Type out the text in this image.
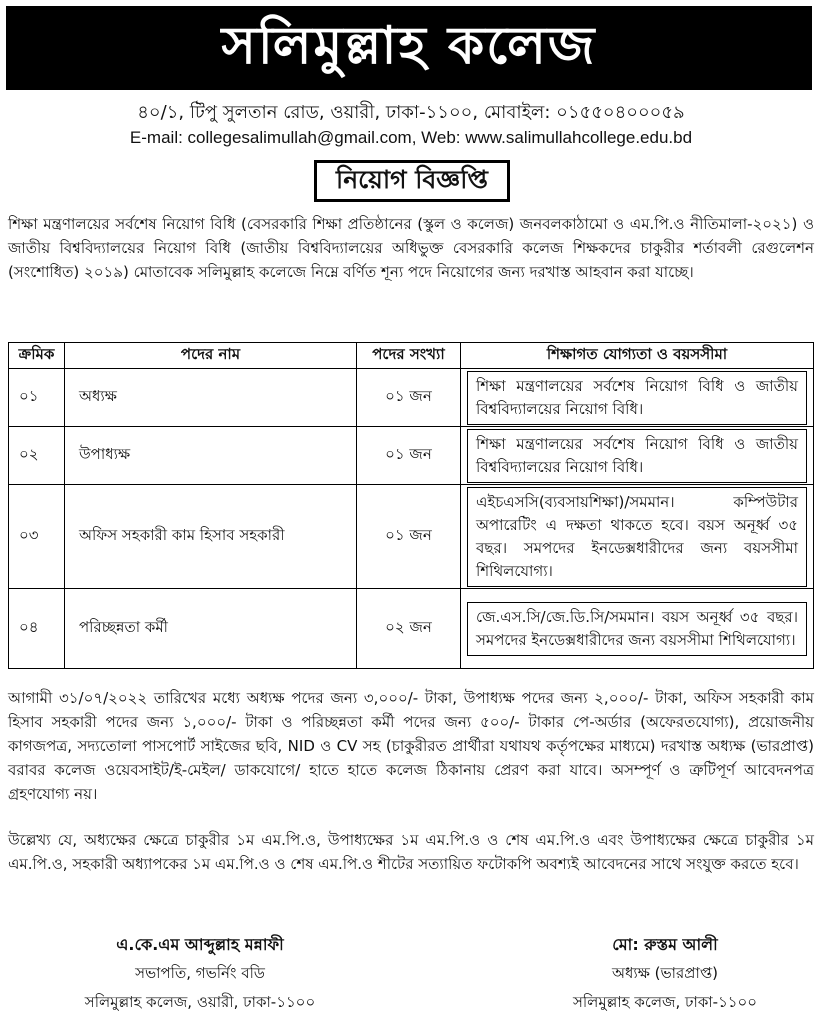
সলিমুল্লাহ কলেজ
৪০/১, টিপু সুলতান রোড, ওয়ারী, ঢাকা-১১০০, মোবাইল: ০১৫৫০৪০০০৫৯
E-mail: collegesalimullah@gmail.com, Web: www.salimullahcollege.edu.bd
নিয়োগ বিজ্ঞপ্তি
শিক্ষা মন্ত্রণালয়ের সর্বশেষ নিয়োগ বিধি (বেসরকারি শিক্ষা প্রতিষ্ঠানের (স্কুল ও কলেজ) জনবলকাঠামো ও এম.পি.ও নীতিমালা-২০২১) ও জাতীয় বিশ্ববিদ্যালয়ের নিয়োগ বিধি (জাতীয় বিশ্ববিদ্যালয়ের অধিভুক্ত বেসরকারি কলেজ শিক্ষকদের চাকুরীর শর্তাবলী রেগুলেশন (সংশোধিত) ২০১৯) মোতাবেক সলিমুল্লাহ কলেজে নিম্নে বর্ণিত শূন্য পদে নিয়োগের জন্য দরখাস্ত আহবান করা যাচ্ছে।
ক্রমিক	পদের নাম	পদের সংখ্যা	শিক্ষাগত যোগ্যতা ও বয়সসীমা
০১	অধ্যক্ষ	০১ জন	শিক্ষা মন্ত্রণালয়ের সর্বশেষ নিয়োগ বিধি ও জাতীয় বিশ্ববিদ্যালয়ের নিয়োগ বিধি।

০২	উপাধ্যক্ষ	০১ জন	শিক্ষা মন্ত্রণালয়ের সর্বশেষ নিয়োগ বিধি ও জাতীয় বিশ্ববিদ্যালয়ের নিয়োগ বিধি।

০৩	অফিস সহকারী কাম হিসাব সহকারী	০১ জন	এইচএসসি(ব্যবসায়শিক্ষা)/সমমান। কম্পিউটার অপারেটিং এ দক্ষতা থাকতে হবে। বয়স অনূর্ধ্ব ৩৫ বছর। সমপদের ইনডেক্সধারীদের জন্য বয়সসীমা শিথিলযোগ্য।

০৪	পরিচ্ছন্নতা কর্মী	০২ জন	জে.এস.সি/জে.ডি.সি/সমমান। বয়স অনূর্ধ্ব ৩৫ বছর। সমপদের ইনডেক্সধারীদের জন্য বয়সসীমা শিথিলযোগ্য।
আগামী ৩১/০৭/২০২২ তারিখের মধ্যে অধ্যক্ষ পদের জন্য ৩,০০০/- টাকা, উপাধ্যক্ষ পদের জন্য ২,০০০/- টাকা, অফিস সহকারী কাম হিসাব সহকারী পদের জন্য ১,০০০/- টাকা ও পরিচ্ছন্নতা কর্মী পদের জন্য ৫০০/- টাকার পে-অর্ডার (অফেরতযোগ্য), প্রয়োজনীয় কাগজপত্র, সদ্যতোলা পাসপোর্ট সাইজের ছবি, NID ও CV সহ (চাকুরীরত প্রার্থীরা যথাযথ কর্তৃপক্ষের মাধ্যমে) দরখাস্ত অধ্যক্ষ (ভারপ্রাপ্ত) বরাবর কলেজ ওয়েবসাইট/ই-মেইল/ ডাকযোগে/ হাতে হাতে কলেজ ঠিকানায় প্রেরণ করা যাবে। অসম্পূর্ণ ও ত্রুটিপূর্ণ আবেদনপত্র গ্রহণযোগ্য নয়।
উল্লেখ্য যে, অধ্যক্ষের ক্ষেত্রে চাকুরীর ১ম এম.পি.ও, উপাধ্যক্ষের ১ম এম.পি.ও ও শেষ এম.পি.ও এবং উপাধ্যক্ষের ক্ষেত্রে চাকুরীর ১ম এম.পি.ও, সহকারী অধ্যাপকের ১ম এম.পি.ও ও শেষ এম.পি.ও শীটের সত্যায়িত ফটোকপি অবশ্যই আবেদনের সাথে সংযুক্ত করতে হবে।
এ.কে.এম আব্দুল্লাহ মন্নাফী
সভাপতি, গভর্নিং বডি
সলিমুল্লাহ কলেজ, ওয়ারী, ঢাকা-১১০০
মো: রুস্তম আলী
অধ্যক্ষ (ভারপ্রাপ্ত)
সলিমুল্লাহ কলেজ, ঢাকা-১১০০
